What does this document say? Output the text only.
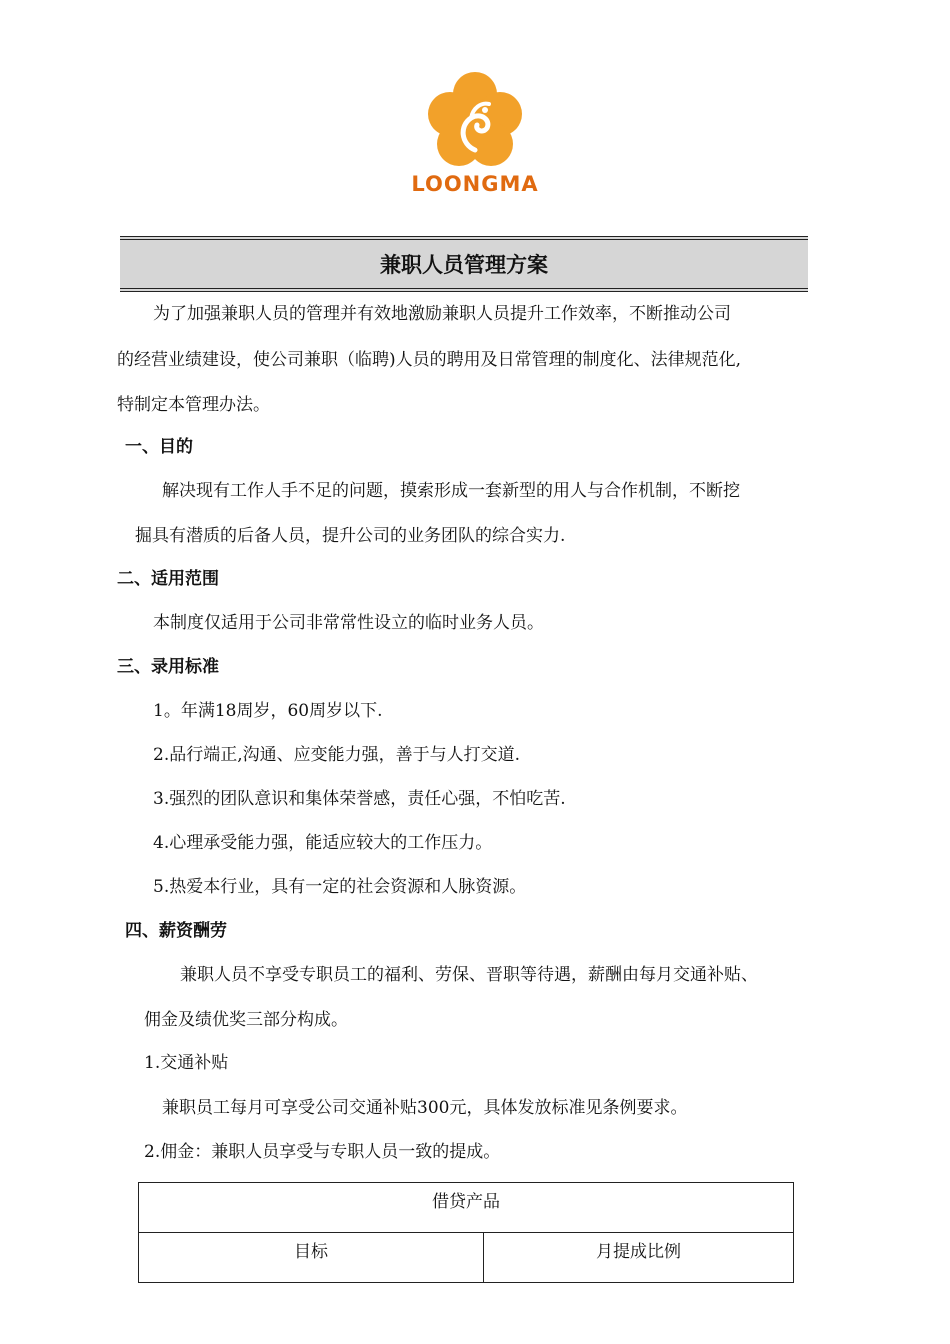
LOONGMA
兼职人员管理方案
为了加强兼职人员的管理并有效地激励兼职人员提升工作效率，不断推动公司
的经营业绩建设，使公司兼职（临聘)人员的聘用及日常管理的制度化、法律规范化,
特制定本管理办法。
一、目的
解决现有工作人手不足的问题，摸索形成一套新型的用人与合作机制，不断挖
掘具有潜质的后备人员，提升公司的业务团队的综合实力.
二、适用范围
本制度仅适用于公司非常常性设立的临时业务人员。
三、录用标准
1。年满18周岁，60周岁以下.
2.品行端正,沟通、应变能力强，善于与人打交道.
3.强烈的团队意识和集体荣誉感，责任心强，不怕吃苦.
4.心理承受能力强，能适应较大的工作压力。
5.热爱本行业，具有一定的社会资源和人脉资源。
四、薪资酬劳
兼职人员不享受专职员工的福利、劳保、晋职等待遇，薪酬由每月交通补贴、
佣金及绩优奖三部分构成。
1.交通补贴
兼职员工每月可享受公司交通补贴300元，具体发放标准见条例要求。
2.佣金：兼职人员享受与专职人员一致的提成。
借贷产品
目标	月提成比例
